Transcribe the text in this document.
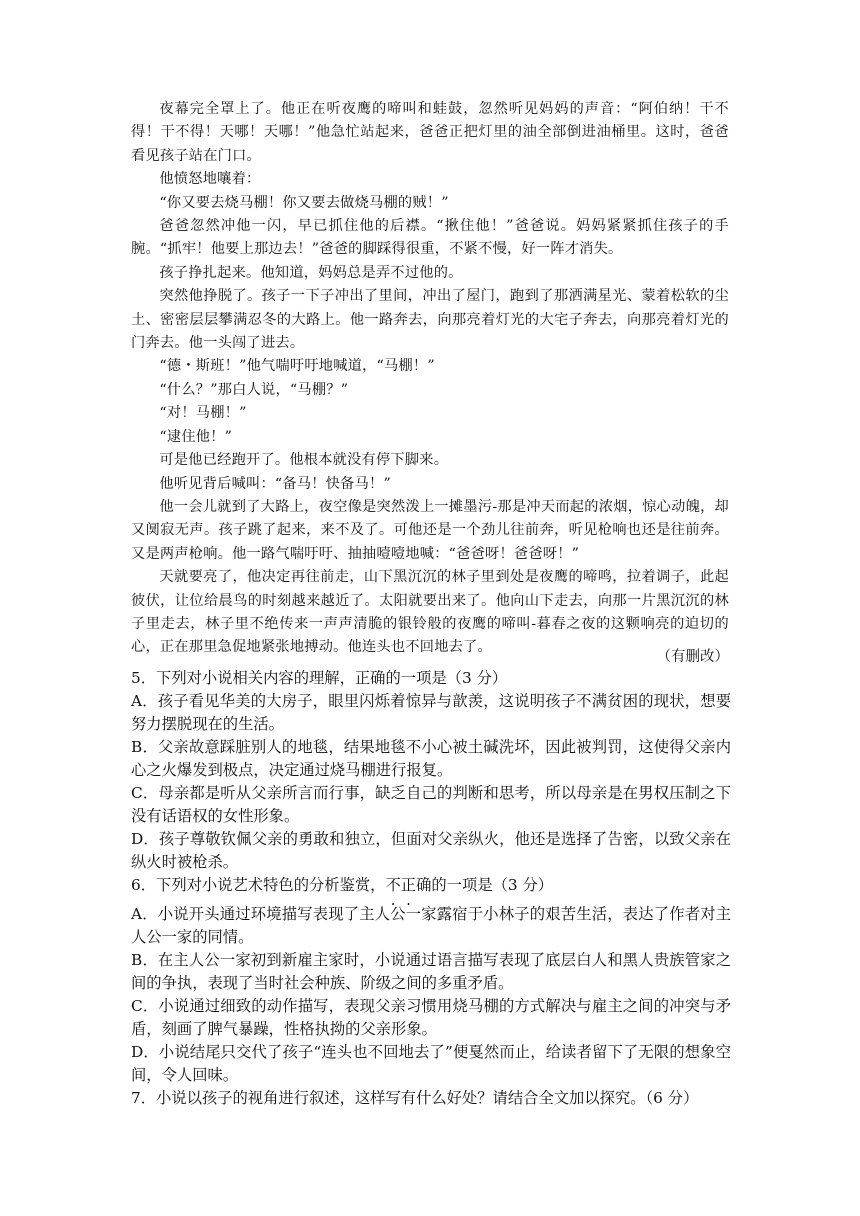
夜幕完全罩上了。他正在听夜鹰的啼叫和蛙鼓，忽然听见妈妈的声音：“阿伯纳！干不得！干不得！天哪！天哪！”他急忙站起来，爸爸正把灯里的油全部倒进油桶里。这时，爸爸看见孩子站在门口。

他愤怒地嚷着：

“你又要去烧马棚！你又要去做烧马棚的贼！”

爸爸忽然冲他一闪，早已抓住他的后襟。“揪住他！”爸爸说。妈妈紧紧抓住孩子的手腕。“抓牢！他要上那边去！”爸爸的脚踩得很重，不紧不慢，好一阵才消失。

孩子挣扎起来。他知道，妈妈总是弄不过他的。

突然他挣脱了。孩子一下子冲出了里间，冲出了屋门，跑到了那洒满星光、蒙着松软的尘土、密密层层攀满忍冬的大路上。他一路奔去，向那亮着灯光的大宅子奔去，向那亮着灯光的门奔去。他一头闯了进去。

“德・斯班！”他气喘吁吁地喊道，“马棚！”

“什么？”那白人说，“马棚？”

“对！马棚！”

“逮住他！”

可是他已经跑开了。他根本就没有停下脚来。

他听见背后喊叫：“备马！快备马！”

他一会儿就到了大路上，夜空像是突然泼上一摊墨污-那是冲天而起的浓烟，惊心动魄，却又阒寂无声。孩子跳了起来，来不及了。可他还是一个劲儿往前奔，听见枪响也还是往前奔。又是两声枪响。他一路气喘吁吁、抽抽噎噎地喊：“爸爸呀！爸爸呀！”

天就要亮了，他决定再往前走，山下黑沉沉的林子里到处是夜鹰的啼鸣，拉着调子，此起彼伏，让位给晨鸟的时刻越来越近了。太阳就要出来了。他向山下走去，向那一片黑沉沉的林子里走去，林子里不绝传来一声声清脆的银铃般的夜鹰的啼叫-暮春之夜的这颗响亮的迫切的心，正在那里急促地紧张地搏动。他连头也不回地去了。

（有删改）

5．下列对小说相关内容的理解，正确的一项是（3 分）

A．孩子看见华美的大房子，眼里闪烁着惊异与歆羡，这说明孩子不满贫困的现状，想要努力摆脱现在的生活。

B．父亲故意踩脏别人的地毯，结果地毯不小心被土碱洗坏，因此被判罚，这使得父亲内心之火爆发到极点，决定通过烧马棚进行报复。

C．母亲都是听从父亲所言而行事，缺乏自己的判断和思考，所以母亲是在男权压制之下没有话语权的女性形象。

D．孩子尊敬钦佩父亲的勇敢和独立，但面对父亲纵火，他还是选择了告密，以致父亲在纵火时被枪杀。

6．下列对小说艺术特色的分析鉴赏，不正确的一项是（3 分）

A．小说开头通过环境描写表现了主人公一家露宿于小林子的艰苦生活，表达了作者对主人公一家的同情。

B．在主人公一家初到新雇主家时，小说通过语言描写表现了底层白人和黑人贵族管家之间的争执，表现了当时社会种族、阶级之间的多重矛盾。

C．小说通过细致的动作描写，表现父亲习惯用烧马棚的方式解决与雇主之间的冲突与矛盾，刻画了脾气暴躁，性格执拗的父亲形象。

D．小说结尾只交代了孩子“连头也不回地去了”便戛然而止，给读者留下了无限的想象空间，令人回味。

7．小说以孩子的视角进行叙述，这样写有什么好处？请结合全文加以探究。（6 分）
